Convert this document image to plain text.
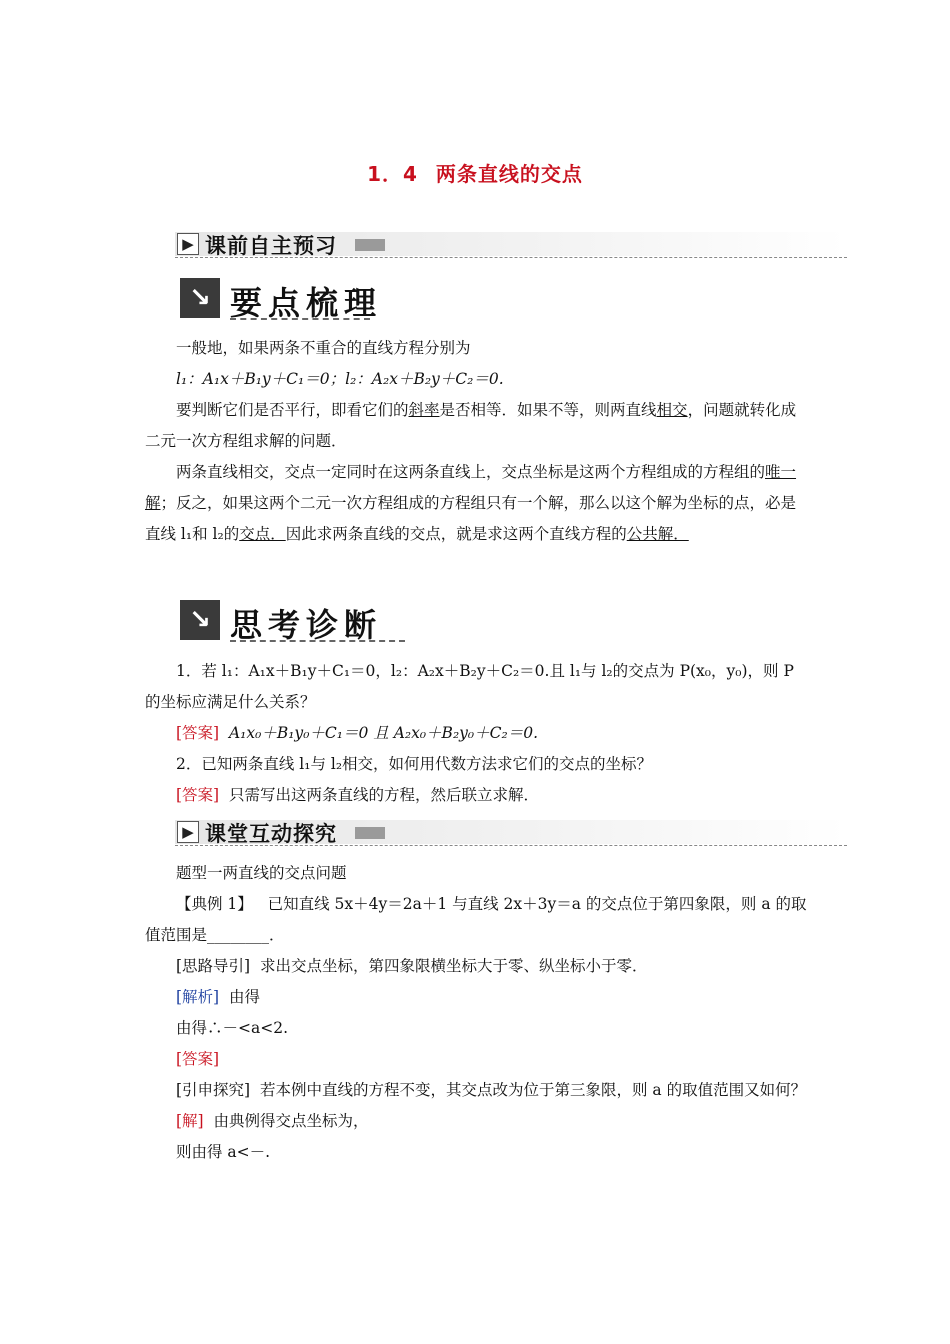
1．4 两条直线的交点
▶ 课前自主预习
↘ 要点梳理
一般地，如果两条不重合的直线方程分别为
l₁：A₁x＋B₁y＋C₁＝0；l₂：A₂x＋B₂y＋C₂＝0.
要判断它们是否平行，即看它们的斜率是否相等．如果不等，则两直线相交，问题就转化成二元一次方程组求解的问题．
两条直线相交，交点一定同时在这两条直线上，交点坐标是这两个方程组成的方程组的唯一解；反之，如果这两个二元一次方程组成的方程组只有一个解，那么以这个解为坐标的点，必是直线 l₁和 l₂的交点．因此求两条直线的交点，就是求这两个直线方程的公共解．
↘ 思考诊断
1．若 l₁：A₁x＋B₁y＋C₁＝0，l₂：A₂x＋B₂y＋C₂＝0.且 l₁与 l₂的交点为 P(x₀，y₀)，则 P 的坐标应满足什么关系？
[答案] A₁x₀＋B₁y₀＋C₁＝0 且 A₂x₀＋B₂y₀＋C₂＝0.
2．已知两条直线 l₁与 l₂相交，如何用代数方法求它们的交点的坐标？
[答案] 只需写出这两条直线的方程，然后联立求解．
▶ 课堂互动探究
题型一两直线的交点问题
【典例 1】 已知直线 5x＋4y＝2a＋1 与直线 2x＋3y＝a 的交点位于第四象限，则 a 的取值范围是________．
[思路导引] 求出交点坐标，第四象限横坐标大于零、纵坐标小于零．
[解析] 由得
由得∴－<a<2.
[答案]
[引申探究] 若本例中直线的方程不变，其交点改为位于第三象限，则 a 的取值范围又如何？
[解] 由典例得交点坐标为，
则由得 a<－.
